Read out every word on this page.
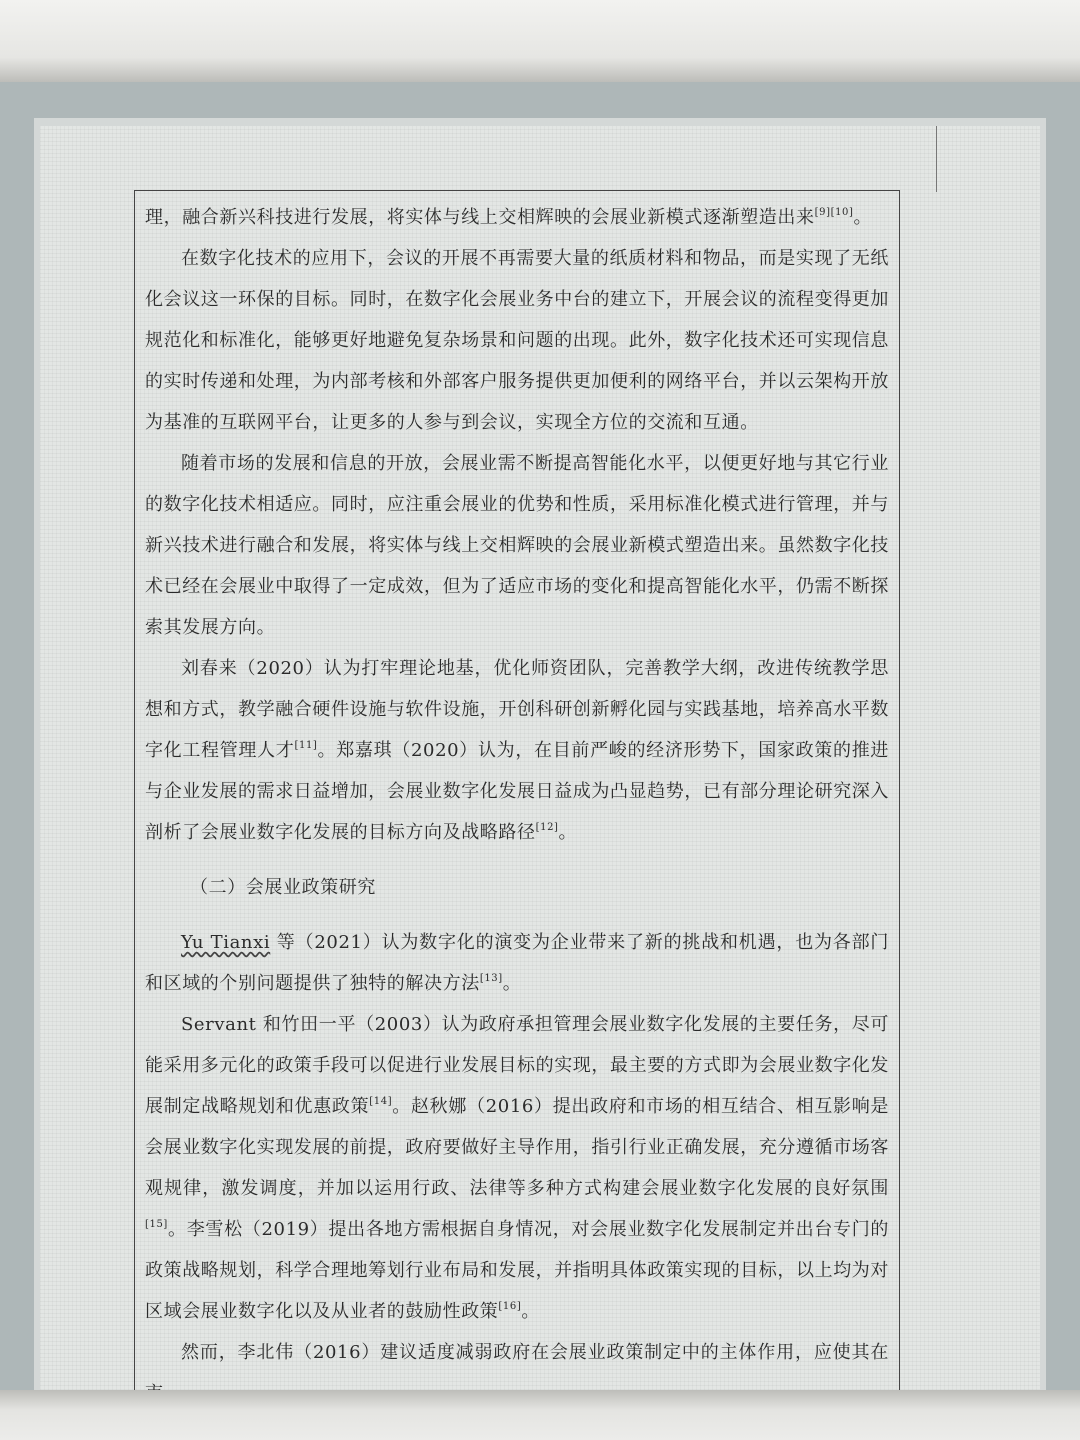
理，融合新兴科技进行发展，将实体与线上交相辉映的会展业新模式逐渐塑造出来[9][10]。

在数字化技术的应用下，会议的开展不再需要大量的纸质材料和物品，而是实现了无纸化会议这一环保的目标。同时，在数字化会展业务中台的建立下，开展会议的流程变得更加规范化和标准化，能够更好地避免复杂场景和问题的出现。此外，数字化技术还可实现信息的实时传递和处理，为内部考核和外部客户服务提供更加便利的网络平台，并以云架构开放为基准的互联网平台，让更多的人参与到会议，实现全方位的交流和互通。

随着市场的发展和信息的开放，会展业需不断提高智能化水平，以便更好地与其它行业的数字化技术相适应。同时，应注重会展业的优势和性质，采用标准化模式进行管理，并与新兴技术进行融合和发展，将实体与线上交相辉映的会展业新模式塑造出来。虽然数字化技术已经在会展业中取得了一定成效，但为了适应市场的变化和提高智能化水平，仍需不断探索其发展方向。

刘春来（2020）认为打牢理论地基，优化师资团队，完善教学大纲，改进传统教学思想和方式，教学融合硬件设施与软件设施，开创科研创新孵化园与实践基地，培养高水平数字化工程管理人才[11]。郑嘉琪（2020）认为，在目前严峻的经济形势下，国家政策的推进与企业发展的需求日益增加，会展业数字化发展日益成为凸显趋势，已有部分理论研究深入剖析了会展业数字化发展的目标方向及战略路径[12]。

（二）会展业政策研究

Yu Tianxi 等（2021）认为数字化的演变为企业带来了新的挑战和机遇，也为各部门和区域的个别问题提供了独特的解决方法[13]。

Servant 和竹田一平（2003）认为政府承担管理会展业数字化发展的主要任务，尽可能采用多元化的政策手段可以促进行业发展目标的实现，最主要的方式即为会展业数字化发展制定战略规划和优惠政策[14]。赵秋娜（2016）提出政府和市场的相互结合、相互影响是会展业数字化实现发展的前提，政府要做好主导作用，指引行业正确发展，充分遵循市场客观规律，激发调度，并加以运用行政、法律等多种方式构建会展业数字化发展的良好氛围[15]。李雪松（2019）提出各地方需根据自身情况，对会展业数字化发展制定并出台专门的政策战略规划，科学合理地筹划行业布局和发展，并指明具体政策实现的目标，以上均为对区域会展业数字化以及从业者的鼓励性政策[16]。

然而，李北伟（2016）建议适度减弱政府在会展业政策制定中的主体作用，应使其在
